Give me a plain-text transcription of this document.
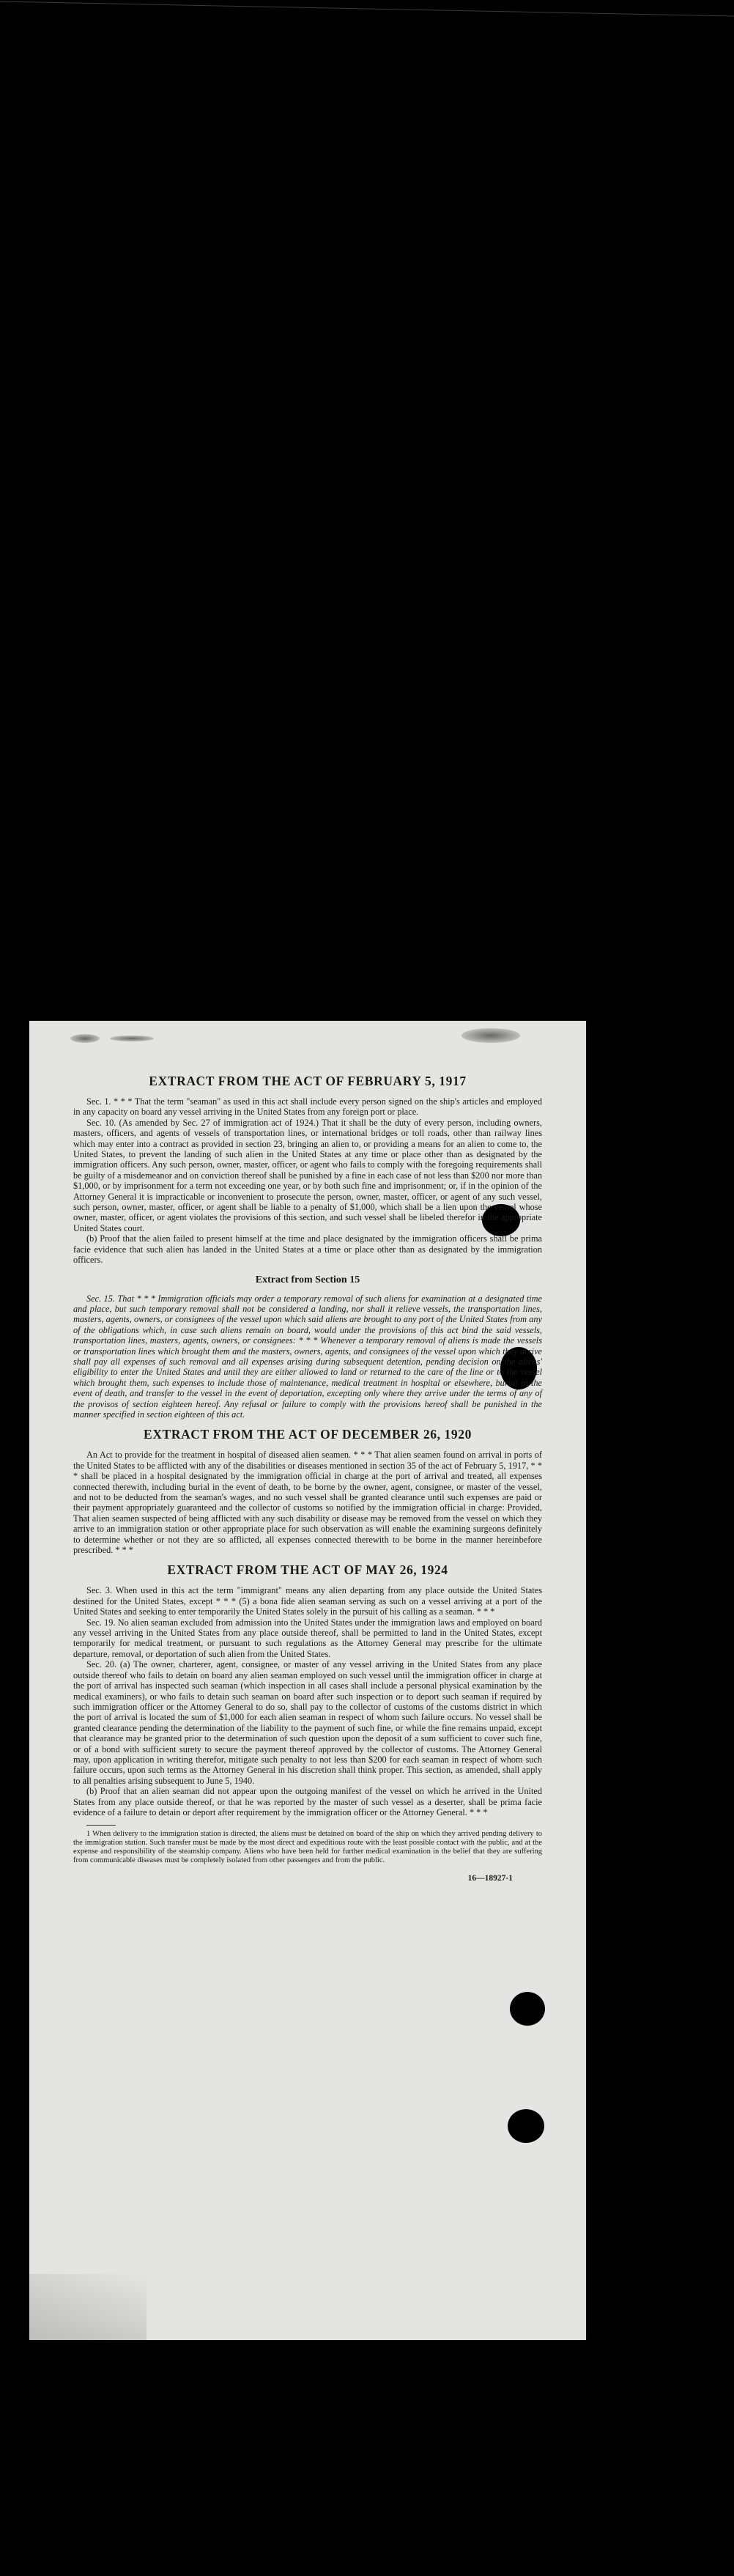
EXTRACT FROM THE ACT OF FEBRUARY 5, 1917

Sec. 1. * * * That the term "seaman" as used in this act shall include every person signed on the ship's articles and employed in any capacity on board any vessel arriving in the United States from any foreign port or place.

Sec. 10. (As amended by Sec. 27 of immigration act of 1924.) That it shall be the duty of every person, including owners, masters, officers, and agents of vessels of transportation lines, or international bridges or toll roads, other than railway lines which may enter into a contract as provided in section 23, bringing an alien to, or providing a means for an alien to come to, the United States, to prevent the landing of such alien in the United States at any time or place other than as designated by the immigration officers. Any such person, owner, master, officer, or agent who fails to comply with the foregoing requirements shall be guilty of a misdemeanor and on conviction thereof shall be punished by a fine in each case of not less than $200 nor more than $1,000, or by imprisonment for a term not exceeding one year, or by both such fine and imprisonment; or, if in the opinion of the Attorney General it is impracticable or inconvenient to prosecute the person, owner, master, officer, or agent of any such vessel, such person, owner, master, officer, or agent shall be liable to a penalty of $1,000, which shall be a lien upon the vessel whose owner, master, officer, or agent violates the provisions of this section, and such vessel shall be libeled therefor in the appropriate United States court.

(b) Proof that the alien failed to present himself at the time and place designated by the immigration officers shall be prima facie evidence that such alien has landed in the United States at a time or place other than as designated by the immigration officers.

Extract from Section 15

Sec. 15. That * * * Immigration officials may order a temporary removal of such aliens for examination at a designated time and place, but such temporary removal shall not be considered a landing, nor shall it relieve vessels, the transportation lines, masters, agents, owners, or consignees of the vessel upon which said aliens are brought to any port of the United States from any of the obligations which, in case such aliens remain on board, would under the provisions of this act bind the said vessels, transportation lines, masters, agents, owners, or consignees: * * * Whenever a temporary removal of aliens is made the vessels or transportation lines which brought them and the masters, owners, agents, and consignees of the vessel upon which they arrive shall pay all expenses of such removal and all expenses arising during subsequent detention, pending decision on the aliens' eligibility to enter the United States and until they are either allowed to land or returned to the care of the line or to the vessel which brought them, such expenses to include those of maintenance, medical treatment in hospital or elsewhere, burial in the event of death, and transfer to the vessel in the event of deportation, excepting only where they arrive under the terms of any of the provisos of section eighteen hereof. Any refusal or failure to comply with the provisions hereof shall be punished in the manner specified in section eighteen of this act.

EXTRACT FROM THE ACT OF DECEMBER 26, 1920

An Act to provide for the treatment in hospital of diseased alien seamen. * * * That alien seamen found on arrival in ports of the United States to be afflicted with any of the disabilities or diseases mentioned in section 35 of the act of February 5, 1917, * * * shall be placed in a hospital designated by the immigration official in charge at the port of arrival and treated, all expenses connected therewith, including burial in the event of death, to be borne by the owner, agent, consignee, or master of the vessel, and not to be deducted from the seaman's wages, and no such vessel shall be granted clearance until such expenses are paid or their payment appropriately guaranteed and the collector of customs so notified by the immigration official in charge: Provided, That alien seamen suspected of being afflicted with any such disability or disease may be removed from the vessel on which they arrive to an immigration station or other appropriate place for such observation as will enable the examining surgeons definitely to determine whether or not they are so afflicted, all expenses connected therewith to be borne in the manner hereinbefore prescribed. * * *

EXTRACT FROM THE ACT OF MAY 26, 1924

Sec. 3. When used in this act the term "immigrant" means any alien departing from any place outside the United States destined for the United States, except * * * (5) a bona fide alien seaman serving as such on a vessel arriving at a port of the United States and seeking to enter temporarily the United States solely in the pursuit of his calling as a seaman. * * *

Sec. 19. No alien seaman excluded from admission into the United States under the immigration laws and employed on board any vessel arriving in the United States from any place outside thereof, shall be permitted to land in the United States, except temporarily for medical treatment, or pursuant to such regulations as the Attorney General may prescribe for the ultimate departure, removal, or deportation of such alien from the United States.

Sec. 20. (a) The owner, charterer, agent, consignee, or master of any vessel arriving in the United States from any place outside thereof who fails to detain on board any alien seaman employed on such vessel until the immigration officer in charge at the port of arrival has inspected such seaman (which inspection in all cases shall include a personal physical examination by the medical examiners), or who fails to detain such seaman on board after such inspection or to deport such seaman if required by such immigration officer or the Attorney General to do so, shall pay to the collector of customs of the customs district in which the port of arrival is located the sum of $1,000 for each alien seaman in respect of whom such failure occurs. No vessel shall be granted clearance pending the determination of the liability to the payment of such fine, or while the fine remains unpaid, except that clearance may be granted prior to the determination of such question upon the deposit of a sum sufficient to cover such fine, or of a bond with sufficient surety to secure the payment thereof approved by the collector of customs. The Attorney General may, upon application in writing therefor, mitigate such penalty to not less than $200 for each seaman in respect of whom such failure occurs, upon such terms as the Attorney General in his discretion shall think proper. This section, as amended, shall apply to all penalties arising subsequent to June 5, 1940.

(b) Proof that an alien seaman did not appear upon the outgoing manifest of the vessel on which he arrived in the United States from any place outside thereof, or that he was reported by the master of such vessel as a deserter, shall be prima facie evidence of a failure to detain or deport after requirement by the immigration officer or the Attorney General. * * *

1 When delivery to the immigration station is directed, the aliens must be detained on board of the ship on which they arrived pending delivery to the immigration station. Such transfer must be made by the most direct and expeditious route with the least possible contact with the public, and at the expense and responsibility of the steamship company. Aliens who have been held for further medical examination in the belief that they are suffering from communicable diseases must be completely isolated from other passengers and from the public.

16—18927-1
